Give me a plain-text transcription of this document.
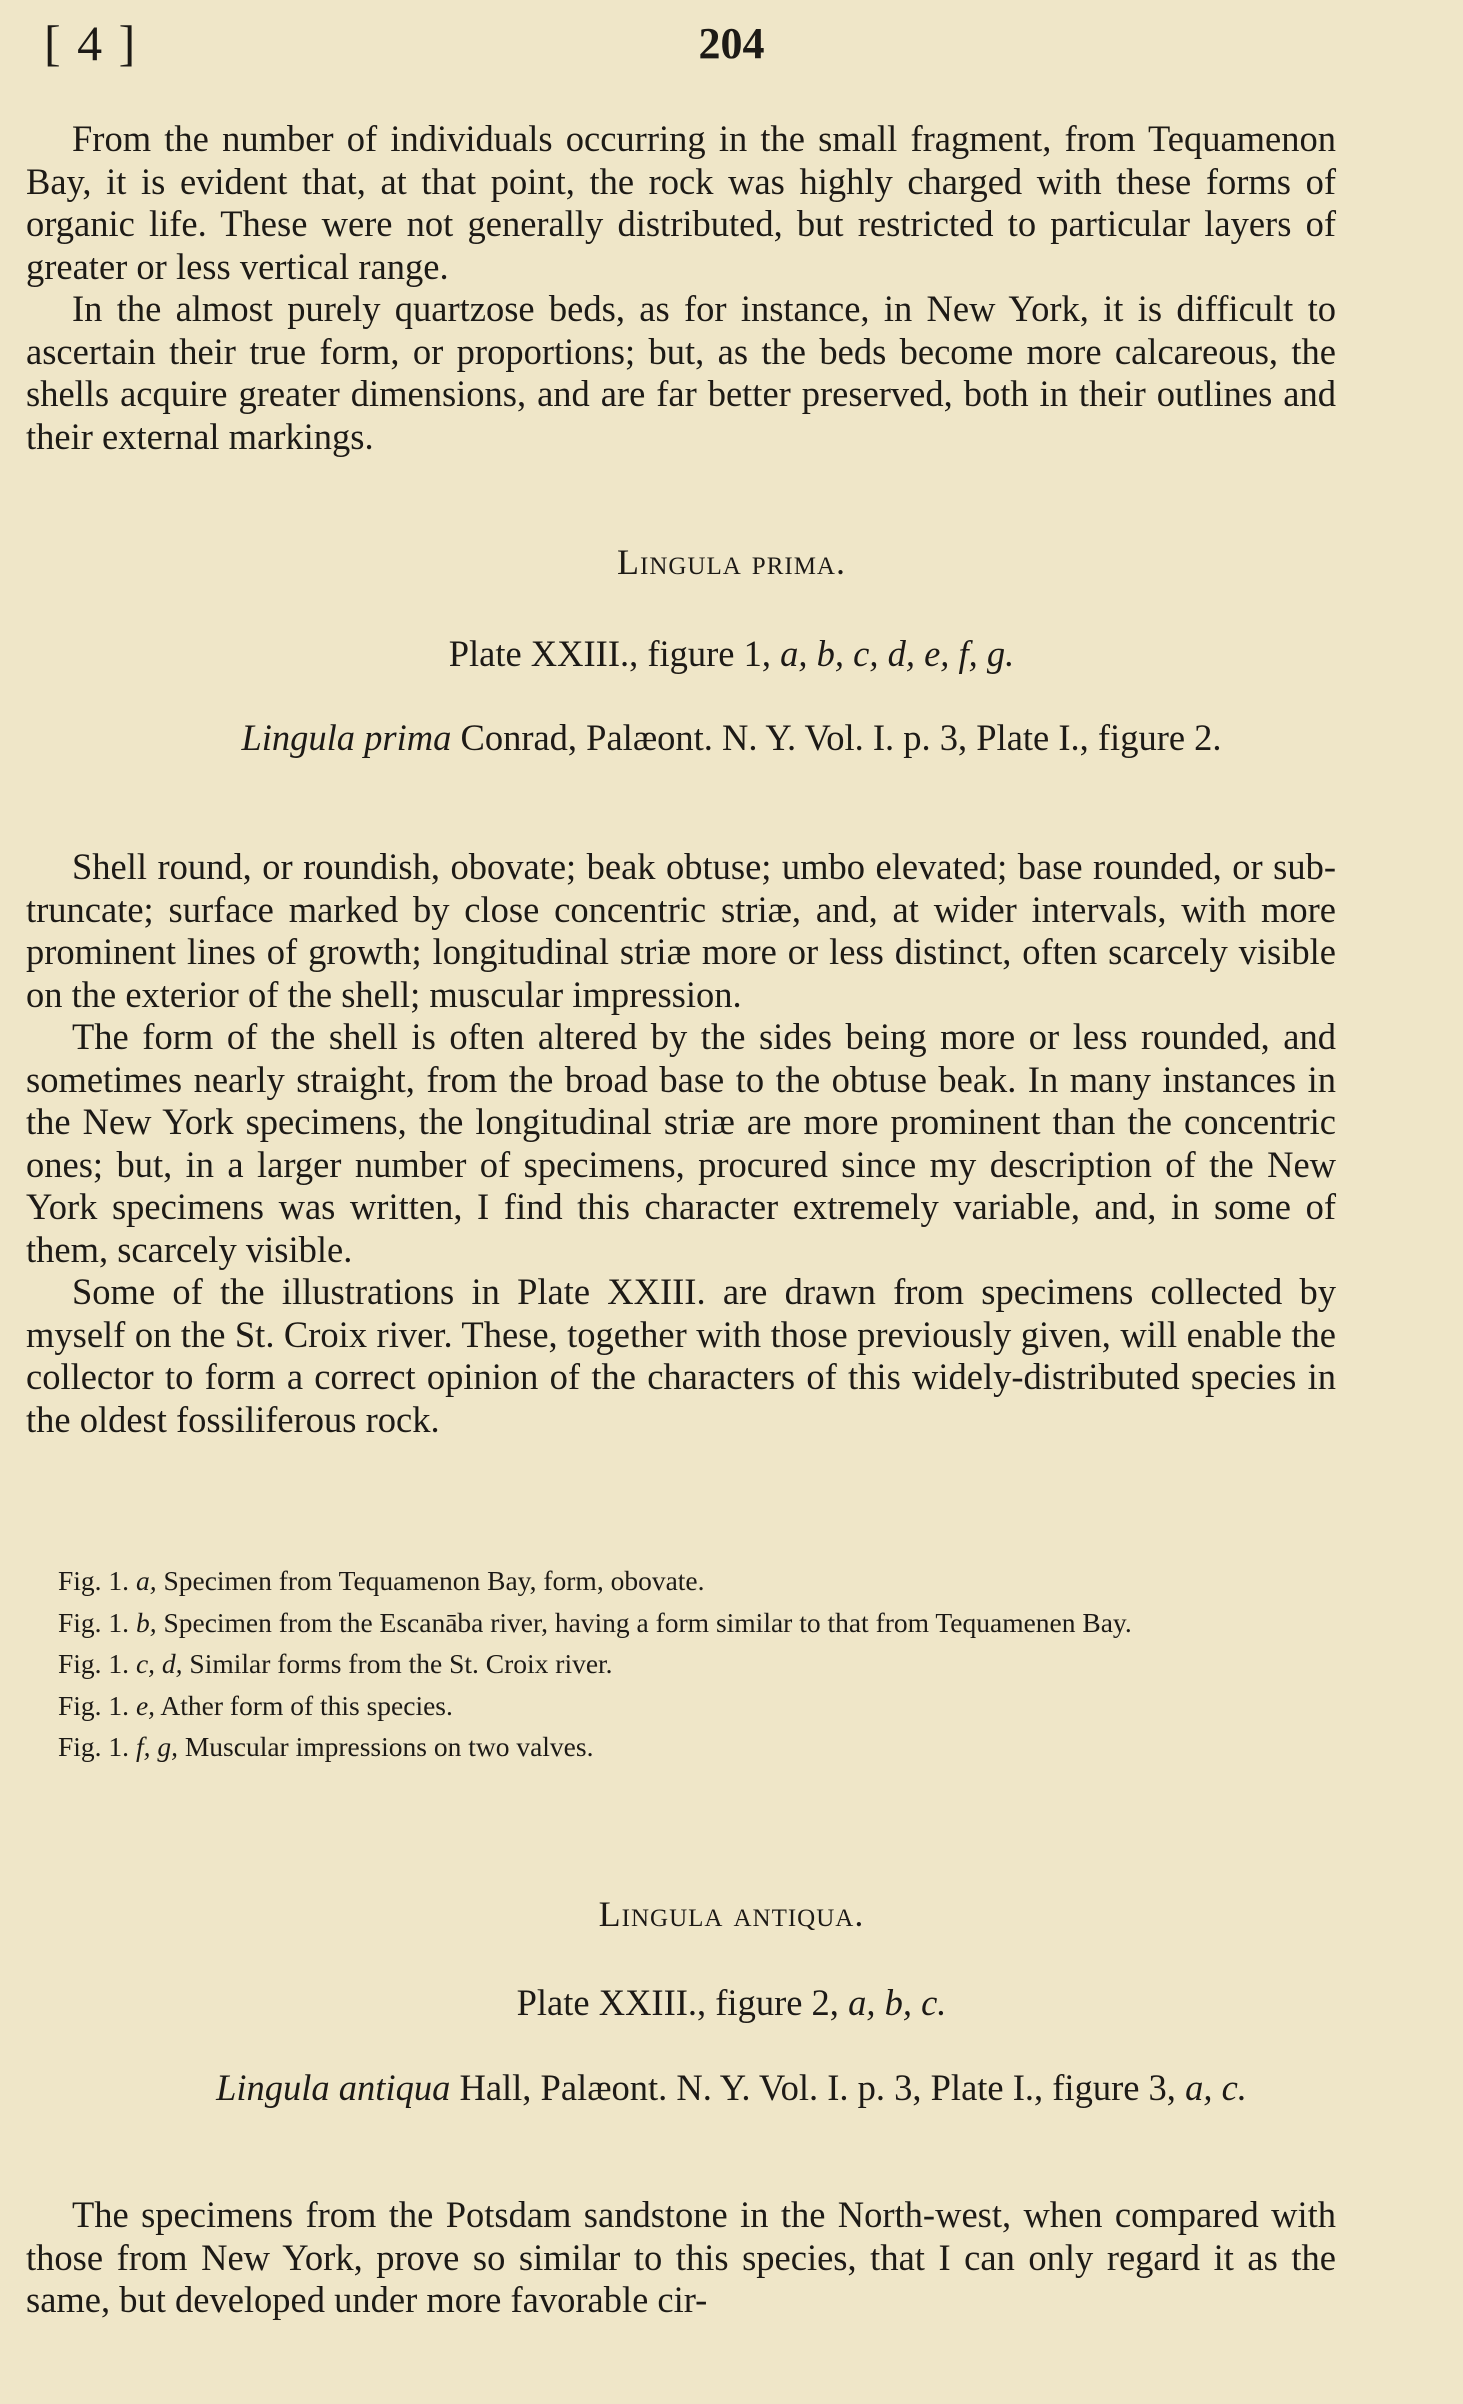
[ 4 ]	204

From the number of individuals occurring in the small fragment, from Tequamenon Bay, it is evident that, at that point, the rock was highly charged with these forms of organic life. These were not generally distributed, but restricted to particular layers of greater or less vertical range.

In the almost purely quartzose beds, as for instance, in New York, it is difficult to ascertain their true form, or proportions; but, as the beds become more calcareous, the shells acquire greater dimensions, and are far better preserved, both in their outlines and their external markings.

Lingula prima.
Plate XXIII., figure 1, a, b, c, d, e, f, g.
Lingula prima Conrad, Palæont. N. Y. Vol. I. p. 3, Plate I., figure 2.

Shell round, or roundish, obovate; beak obtuse; umbo elevated; base rounded, or sub-truncate; surface marked by close concentric striæ, and, at wider intervals, with more prominent lines of growth; longitudinal striæ more or less distinct, often scarcely visible on the exterior of the shell; muscular impression.

The form of the shell is often altered by the sides being more or less rounded, and sometimes nearly straight, from the broad base to the obtuse beak. In many instances in the New York specimens, the longitudinal striæ are more prominent than the concentric ones; but, in a larger number of specimens, procured since my description of the New York specimens was written, I find this character extremely variable, and, in some of them, scarcely visible.

Some of the illustrations in Plate XXIII. are drawn from specimens collected by myself on the St. Croix river. These, together with those previously given, will enable the collector to form a correct opinion of the characters of this widely-distributed species in the oldest fossiliferous rock.

Fig. 1. a, Specimen from Tequamenon Bay, form, obovate.

Fig. 1. b, Specimen from the Escanāba river, having a form similar to that from Tequamenen Bay.

Fig. 1. c, d, Similar forms from the St. Croix river.

Fig. 1. e, Ather form of this species.

Fig. 1. f, g, Muscular impressions on two valves.

Lingula antiqua.
Plate XXIII., figure 2, a, b, c.
Lingula antiqua Hall, Palæont. N. Y. Vol. I. p. 3, Plate I., figure 3, a, c.

The specimens from the Potsdam sandstone in the North-west, when compared with those from New York, prove so similar to this species, that I can only regard it as the same, but developed under more favorable cir-
